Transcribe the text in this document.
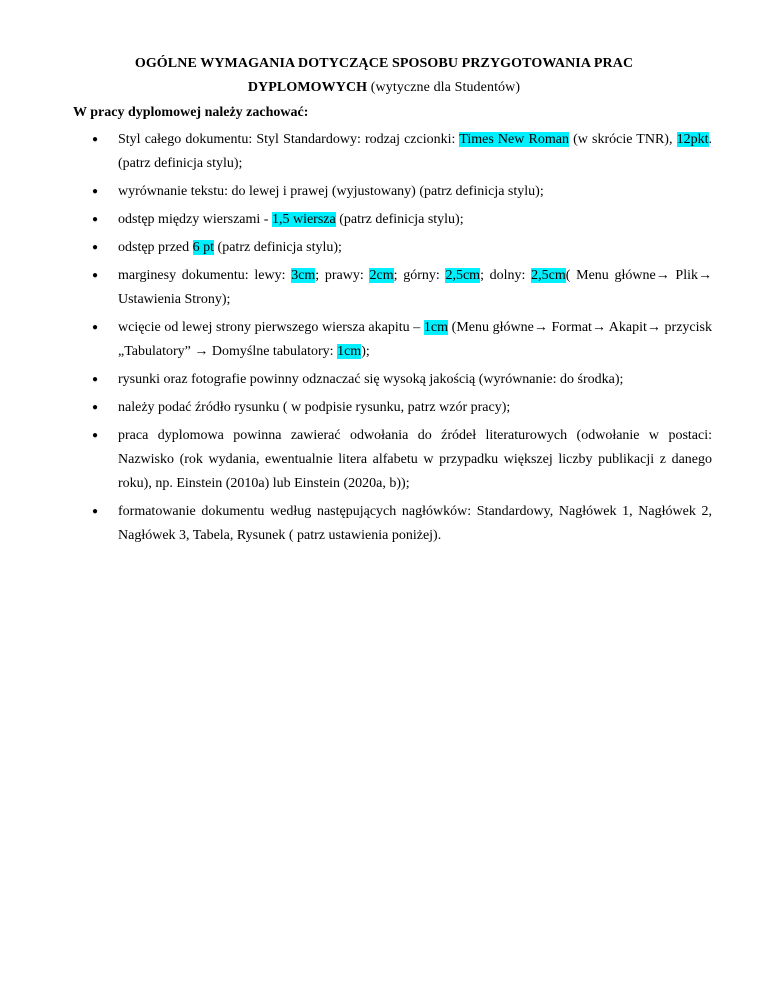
OGÓLNE WYMAGANIA DOTYCZĄCE SPOSOBU PRZYGOTOWANIA PRAC
DYPLOMOWYCH (wytyczne dla Studentów)
W pracy dyplomowej należy zachować:
● Styl całego dokumentu: Styl Standardowy: rodzaj czcionki: Times New Roman (w skrócie TNR), 12pkt. (patrz definicja stylu);
● wyrównanie tekstu: do lewej i prawej (wyjustowany) (patrz definicja stylu);
● odstęp między wierszami - 1,5 wiersza (patrz definicja stylu);
● odstęp przed 6 pt (patrz definicja stylu);
● marginesy dokumentu: lewy: 3cm; prawy: 2cm; górny: 2,5cm; dolny: 2,5cm( Menu główne→ Plik→ Ustawienia Strony);
● wcięcie od lewej strony pierwszego wiersza akapitu – 1cm (Menu główne→ Format→ Akapit→ przycisk „Tabulatory” → Domyślne tabulatory: 1cm);
● rysunki oraz fotografie powinny odznaczać się wysoką jakością (wyrównanie: do środka);
● należy podać źródło rysunku ( w podpisie rysunku, patrz wzór pracy);
● praca dyplomowa powinna zawierać odwołania do źródeł literaturowych (odwołanie w postaci: Nazwisko (rok wydania, ewentualnie litera alfabetu w przypadku większej liczby publikacji z danego roku), np. Einstein (2010a) lub Einstein (2020a, b));
● formatowanie dokumentu według następujących nagłówków: Standardowy, Nagłówek 1, Nagłówek 2, Nagłówek 3, Tabela, Rysunek ( patrz ustawienia poniżej).
